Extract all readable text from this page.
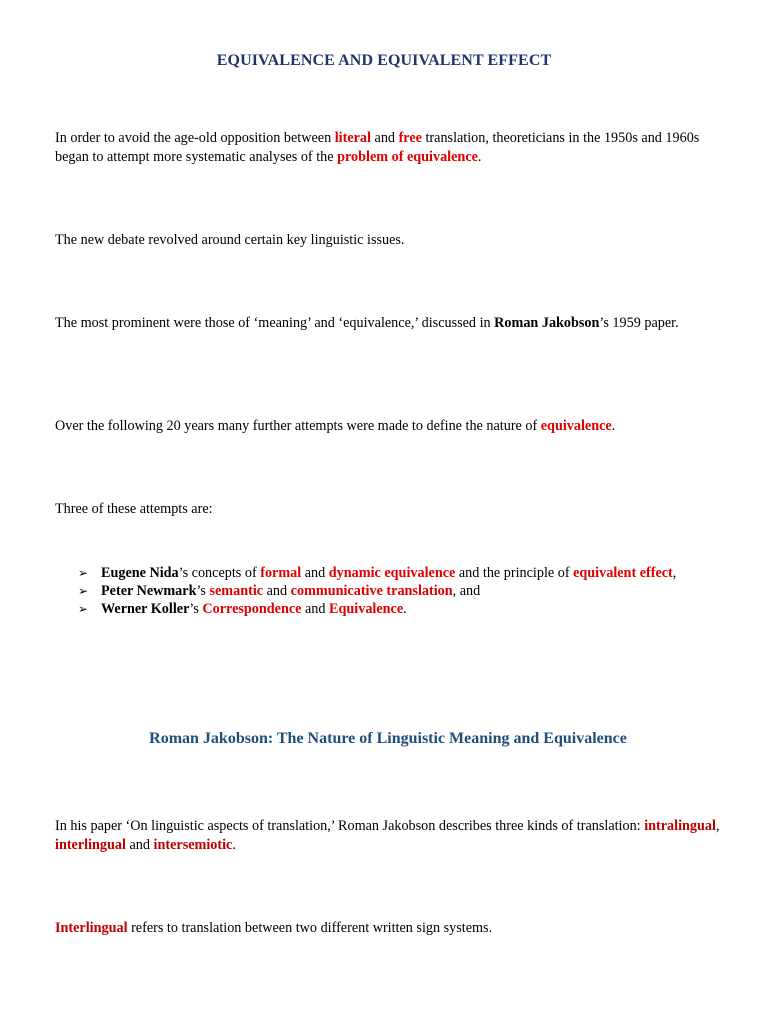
EQUIVALENCE AND EQUIVALENT EFFECT

In order to avoid the age-old opposition between literal and free translation, theoreticians in the 1950s and 1960s began to attempt more systematic analyses of the problem of equivalence.

The new debate revolved around certain key linguistic issues.

The most prominent were those of ‘meaning’ and ‘equivalence,’ discussed in Roman Jakobson’s 1959 paper.

Over the following 20 years many further attempts were made to define the nature of equivalence.

Three of these attempts are:

➢ Eugene Nida’s concepts of formal and dynamic equivalence and the principle of equivalent effect,
➢ Peter Newmark’s semantic and communicative translation, and
➢ Werner Koller’s Correspondence and Equivalence.
Roman Jakobson: The Nature of Linguistic Meaning and Equivalence

In his paper ‘On linguistic aspects of translation,’ Roman Jakobson describes three kinds of translation: intralingual, interlingual and intersemiotic.

Interlingual refers to translation between two different written sign systems.
